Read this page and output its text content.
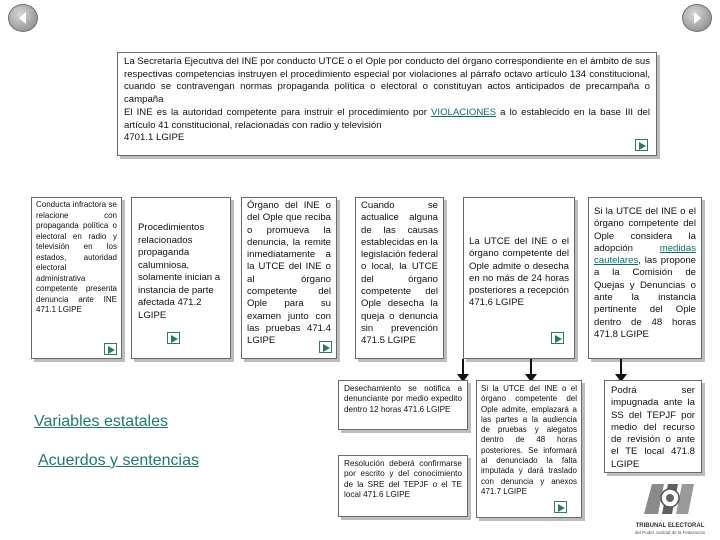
La Secretaría Ejecutiva del INE por conducto UTCE o el Ople por conducto del órgano correspondiente en el ámbito de sus respectivas competencias instruyen el procedimiento especial por violaciones al párrafo octavo artículo 134 constitucional, cuando se contravengan normas propaganda política o electoral o constituyan actos anticipados de precampaña o campaña
El INE es la autoridad competente para instruir el procedimiento por VIOLACIONES a lo establecido en la base III del artículo 41 constitucional, relacionadas con radio y televisión
4701.1 LGIPE
Conducta infractora se relacione con propaganda política o electoral en radio y televisión en los estados, autoridad electoral administrativa competente presenta denuncia ante INE 471.1 LGIPE
Procedimientos relacionados propaganda calumniosa, solamente inician a instancia de parte afectada 471.2 LGIPE
Órgano del INE o del Ople que reciba o promueva la denuncia, la remite inmediatamente a la UTCE del INE o al órgano competente del Ople para su examen junto con las pruebas 471.4 LGIPE
Cuando se actualice alguna de las causas establecidas en la legislación federal o local, la UTCE del órgano competente del Ople desecha la queja o denuncia sin prevención 471.5 LGIPE
La UTCE del INE o el órgano competente del Ople admite o desecha en no más de 24 horas posteriores a recepción 471.6 LGIPE
Si la UTCE del INE o el órgano competente del Ople considera la adopción medidas cautelares, las propone a la Comisión de Quejas y Denuncias o ante la instancia pertinente del Ople dentro de 48 horas 471.8 LGIPE
Variables estatales
Acuerdos y sentencias
Desechamiento se notifica a denunciante por medio expedito dentro 12 horas 471.6 LGIPE
Resolución deberá confirmarse por escrito y del conocimiento de la SRE del TEPJF o el TE local 471.6 LGIPE
Si la UTCE del INE o el órgano competente del Ople admite, emplazará a las partes a la audiencia de pruebas y alegatos dentro de 48 horas posteriores. Se informará al denunciado la falta imputada y dará traslado con denuncia y anexos 471.7 LGIPE
Podrá ser impugnada ante la SS del TEPJF por medio del recurso de revisión o ante el TE local 471.8 LGIPE
TRIBUNAL ELECTORAL
del Poder Judicial de la Federación
